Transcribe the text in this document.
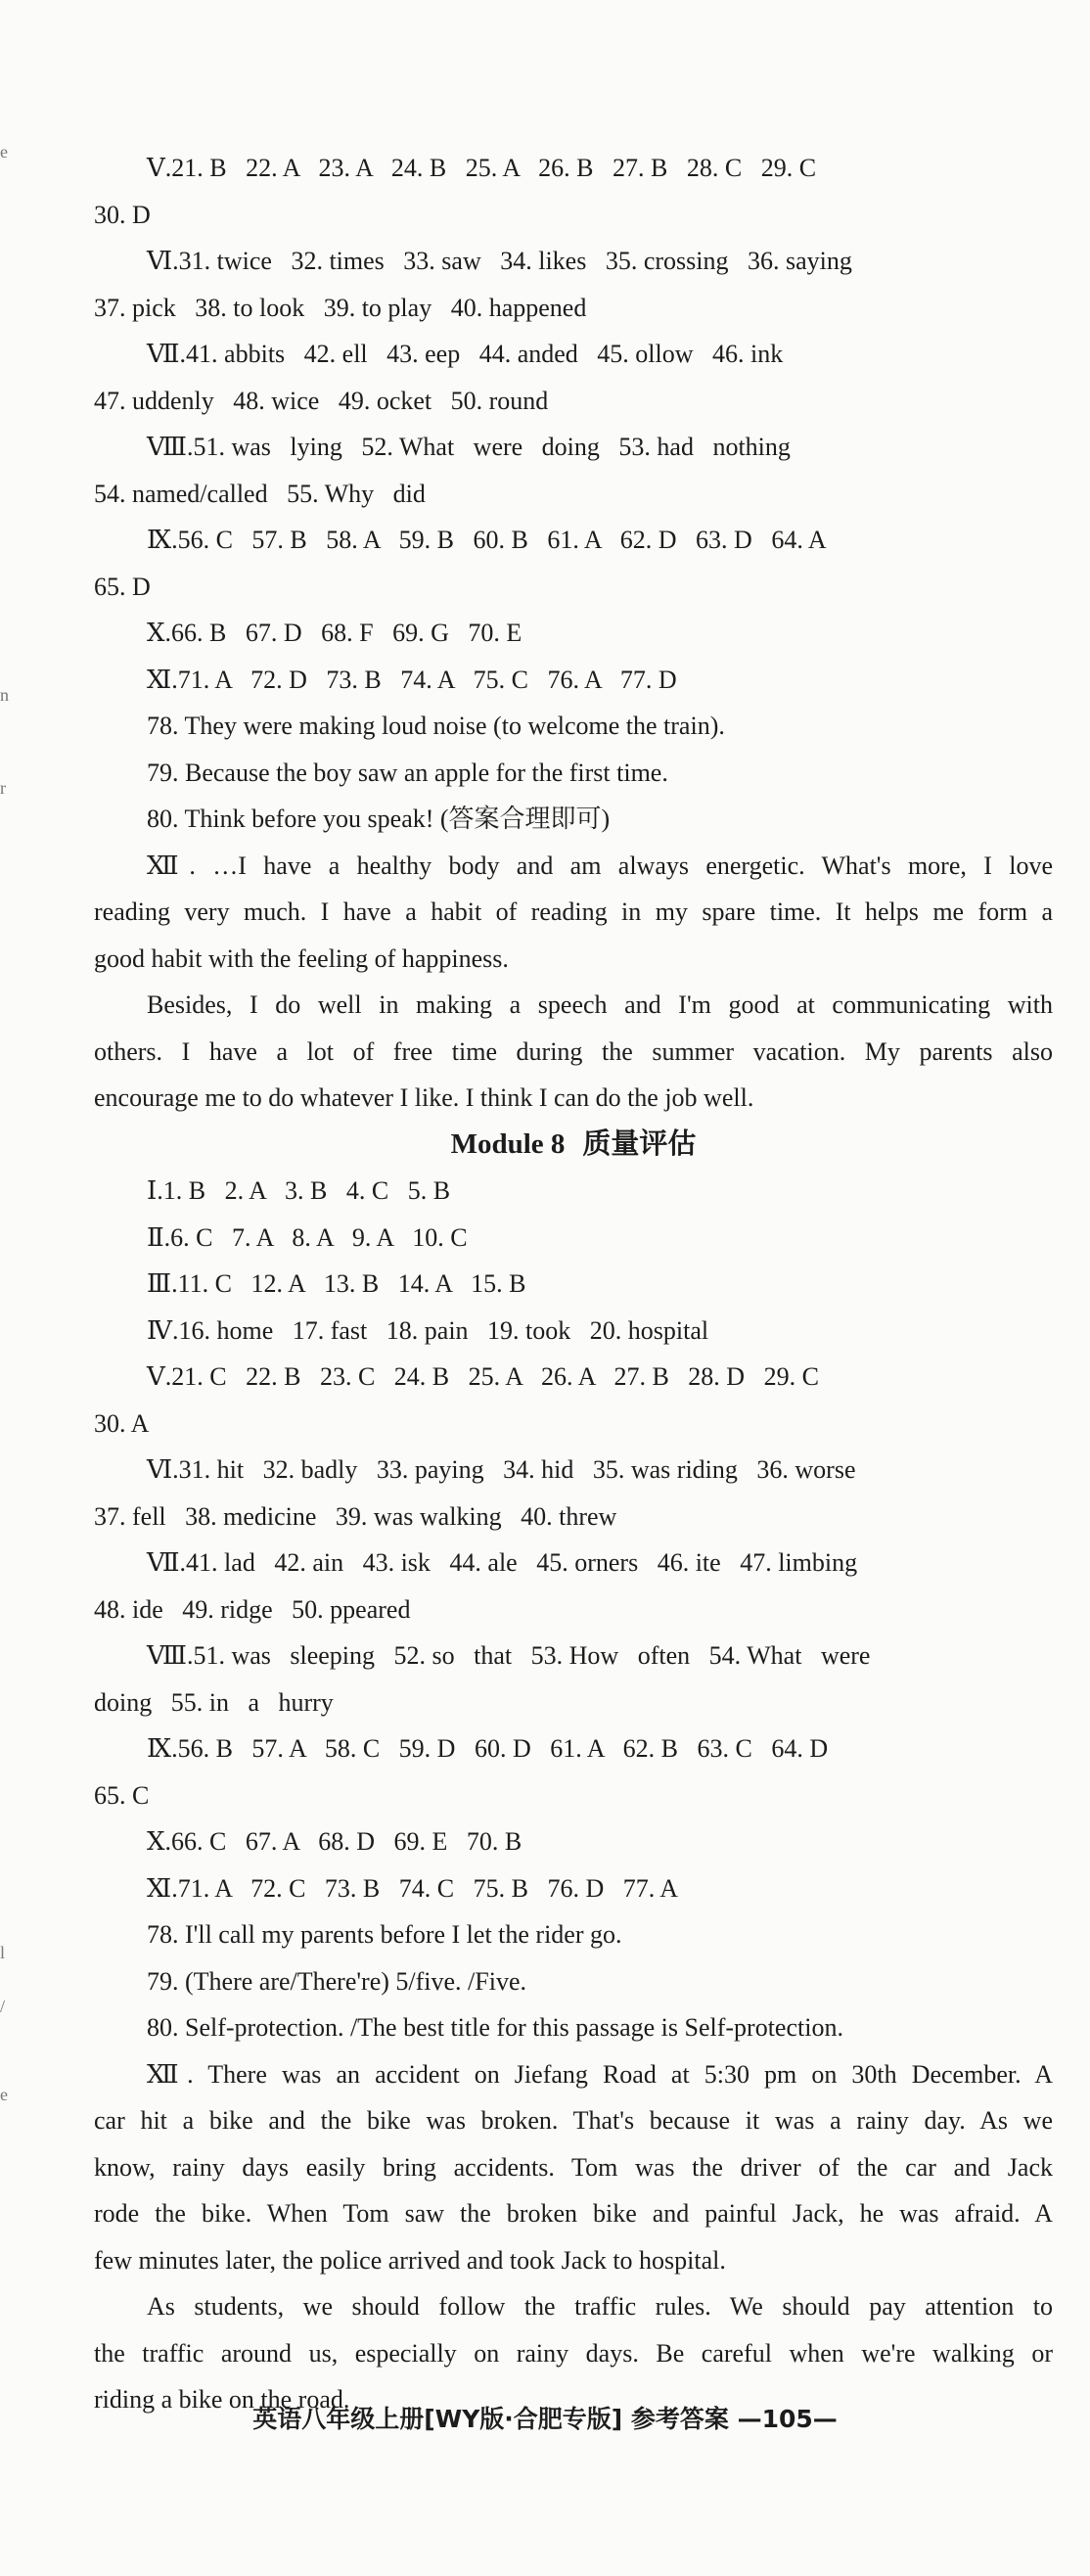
Ⅴ.21. B   22. A   23. A   24. B   25. A   26. B   27. B   28. C   29. C
30. D
Ⅵ.31. twice   32. times   33. saw   34. likes   35. crossing   36. saying
37. pick   38. to look   39. to play   40. happened
Ⅶ.41. abbits   42. ell   43. eep   44. anded   45. ollow   46. ink
47. uddenly   48. wice   49. ocket   50. round
Ⅷ.51. was   lying   52. What   were   doing   53. had   nothing
54. named/called   55. Why   did
Ⅸ.56. C   57. B   58. A   59. B   60. B   61. A   62. D   63. D   64. A
65. D
Ⅹ.66. B   67. D   68. F   69. G   70. E
Ⅺ.71. A   72. D   73. B   74. A   75. C   76. A   77. D
78. They were making loud noise (to welcome the train).
79. Because the boy saw an apple for the first time.
80. Think before you speak! (答案合理即可)
Ⅻ. …I have a healthy body and am always energetic. What's more, I love
reading very much. I have a habit of reading in my spare time. It helps me form a
good habit with the feeling of happiness.
Besides, I do well in making a speech and I'm good at communicating with
others. I have a lot of free time during the summer vacation. My parents also
encourage me to do whatever I like. I think I can do the job well.
Module 8 质量评估
Ⅰ.1. B   2. A   3. B   4. C   5. B
Ⅱ.6. C   7. A   8. A   9. A   10. C
Ⅲ.11. C   12. A   13. B   14. A   15. B
Ⅳ.16. home   17. fast   18. pain   19. took   20. hospital
Ⅴ.21. C   22. B   23. C   24. B   25. A   26. A   27. B   28. D   29. C
30. A
Ⅵ.31. hit   32. badly   33. paying   34. hid   35. was riding   36. worse
37. fell   38. medicine   39. was walking   40. threw
Ⅶ.41. lad   42. ain   43. isk   44. ale   45. orners   46. ite   47. limbing
48. ide   49. ridge   50. ppeared
Ⅷ.51. was   sleeping   52. so   that   53. How   often   54. What   were
doing   55. in   a   hurry
Ⅸ.56. B   57. A   58. C   59. D   60. D   61. A   62. B   63. C   64. D
65. C
Ⅹ.66. C   67. A   68. D   69. E   70. B
Ⅺ.71. A   72. C   73. B   74. C   75. B   76. D   77. A
78. I'll call my parents before I let the rider go.
79. (There are/There're) 5/five. /Five.
80. Self-protection. /The best title for this passage is Self-protection.
Ⅻ. There was an accident on Jiefang Road at 5:30 pm on 30th December. A
car hit a bike and the bike was broken. That's because it was a rainy day. As we
know, rainy days easily bring accidents. Tom was the driver of the car and Jack
rode the bike. When Tom saw the broken bike and painful Jack, he was afraid. A
few minutes later, the police arrived and took Jack to hospital.
As students, we should follow the traffic rules. We should pay attention to
the traffic around us, especially on rainy days. Be careful when we're walking or
riding a bike on the road.
e
n
r
l
/
e
英语八年级上册[WY版·合肥专版] 参考答案 —105—
